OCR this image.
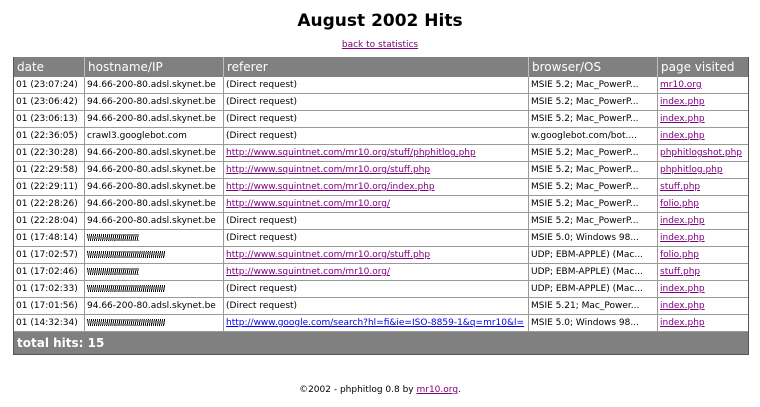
August 2002 Hits
back to statistics
date	hostname/IP	referer	browser/OS	page visited
01 (23:07:24)	94.66-200-80.adsl.skynet.be	(Direct request)	MSIE 5.2; Mac_PowerP...	mr10.org
01 (23:06:42)	94.66-200-80.adsl.skynet.be	(Direct request)	MSIE 5.2; Mac_PowerP...	index.php
01 (23:06:13)	94.66-200-80.adsl.skynet.be	(Direct request)	MSIE 5.2; Mac_PowerP...	index.php
01 (22:36:05)	crawl3.googlebot.com	(Direct request)	w.googlebot.com/bot....	index.php
01 (22:30:28)	94.66-200-80.adsl.skynet.be	http://www.squintnet.com/mr10.org/stuff/phphitlog.php	MSIE 5.2; Mac_PowerP...	phphitlogshot.php
01 (22:29:58)	94.66-200-80.adsl.skynet.be	http://www.squintnet.com/mr10.org/stuff.php	MSIE 5.2; Mac_PowerP...	phphitlog.php
01 (22:29:11)	94.66-200-80.adsl.skynet.be	http://www.squintnet.com/mr10.org/index.php	MSIE 5.2; Mac_PowerP...	stuff.php
01 (22:28:26)	94.66-200-80.adsl.skynet.be	http://www.squintnet.com/mr10.org/	MSIE 5.2; Mac_PowerP...	folio.php
01 (22:28:04)	94.66-200-80.adsl.skynet.be	(Direct request)	MSIE 5.2; Mac_PowerP...	index.php
01 (17:48:14)		(Direct request)	MSIE 5.0; Windows 98...	index.php
01 (17:02:57)		http://www.squintnet.com/mr10.org/stuff.php	UDP; EBM-APPLE) (Mac...	folio.php
01 (17:02:46)		http://www.squintnet.com/mr10.org/	UDP; EBM-APPLE) (Mac...	stuff.php
01 (17:02:33)		(Direct request)	UDP; EBM-APPLE) (Mac...	index.php
01 (17:01:56)	94.66-200-80.adsl.skynet.be	(Direct request)	MSIE 5.21; Mac_Power...	index.php
01 (14:32:34)		http://www.google.com/search?hl=fi&ie=ISO-8859-1&q=mr10&l=	MSIE 5.0; Windows 98...	index.php
total hits: 15				
©2002 - phphitlog 0.8 by mr10.org.
